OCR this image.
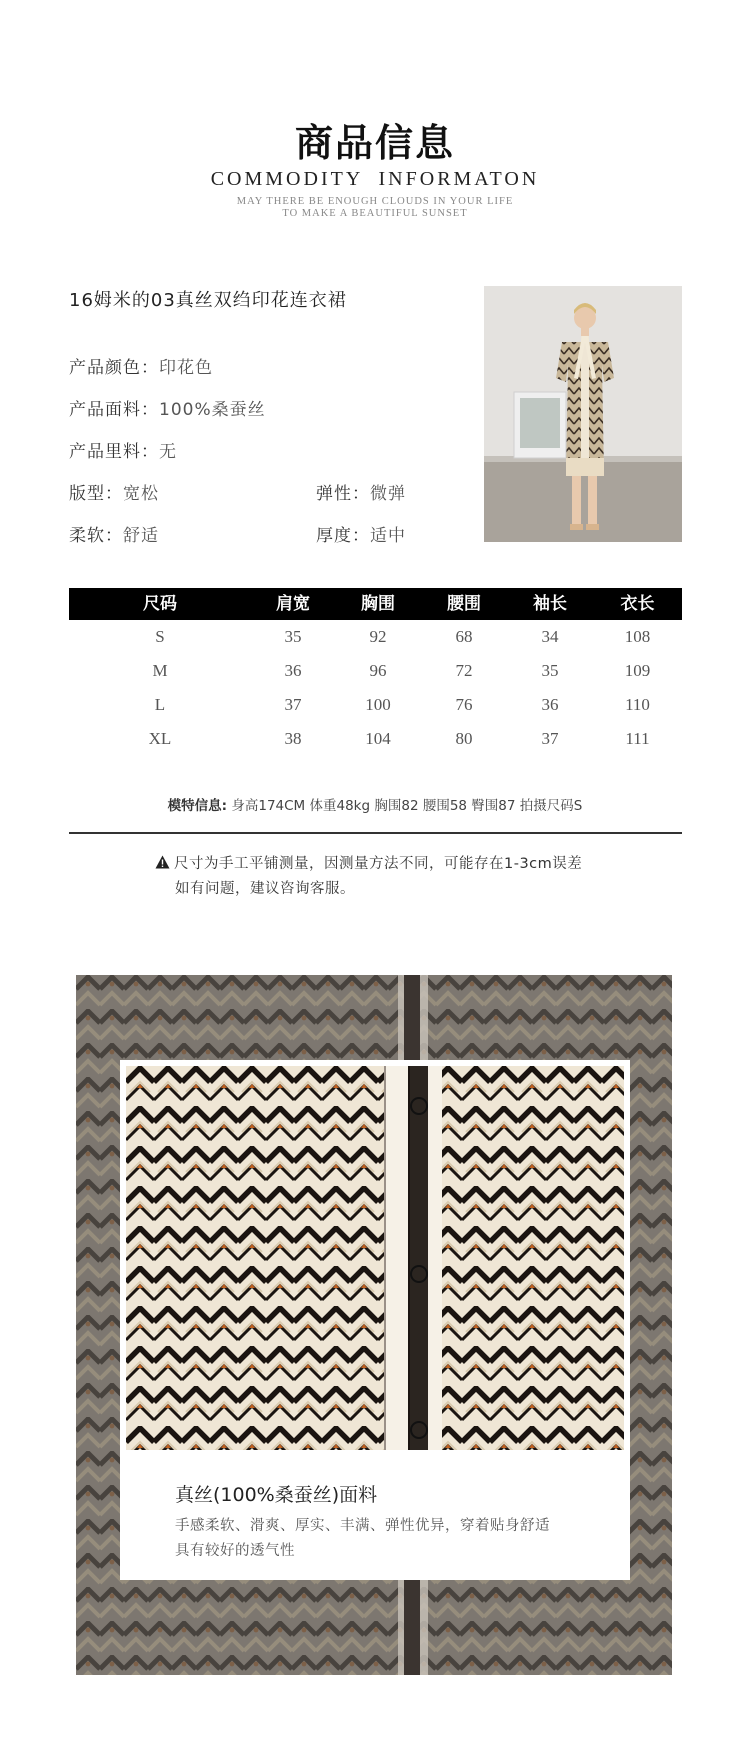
商品信息
COMMODITY INFORMATON
MAY THERE BE ENOUGH CLOUDS IN YOUR LIFE
TO MAKE A BEAUTIFUL SUNSET
16姆米的03真丝双绉印花连衣裙
产品颜色：印花色
产品面料：100%桑蚕丝
产品里料：无
版型：宽松	弹性：微弹
柔软：舒适	厚度：适中
尺码	肩宽	胸围	腰围	袖长	衣长
S	35	92	68	34	108
M	36	96	72	35	109
L	37	100	76	36	110
XL	38	104	80	37	111
模特信息: 身高174CM 体重48kg 胸围82 腰围58 臀围87 拍摄尺码S
尺寸为手工平铺测量，因测量方法不同，可能存在1-3cm误差
如有问题，建议咨询客服。
真丝(100%桑蚕丝)面料
手感柔软、滑爽、厚实、丰满、弹性优异，穿着贴身舒适
具有较好的透气性
